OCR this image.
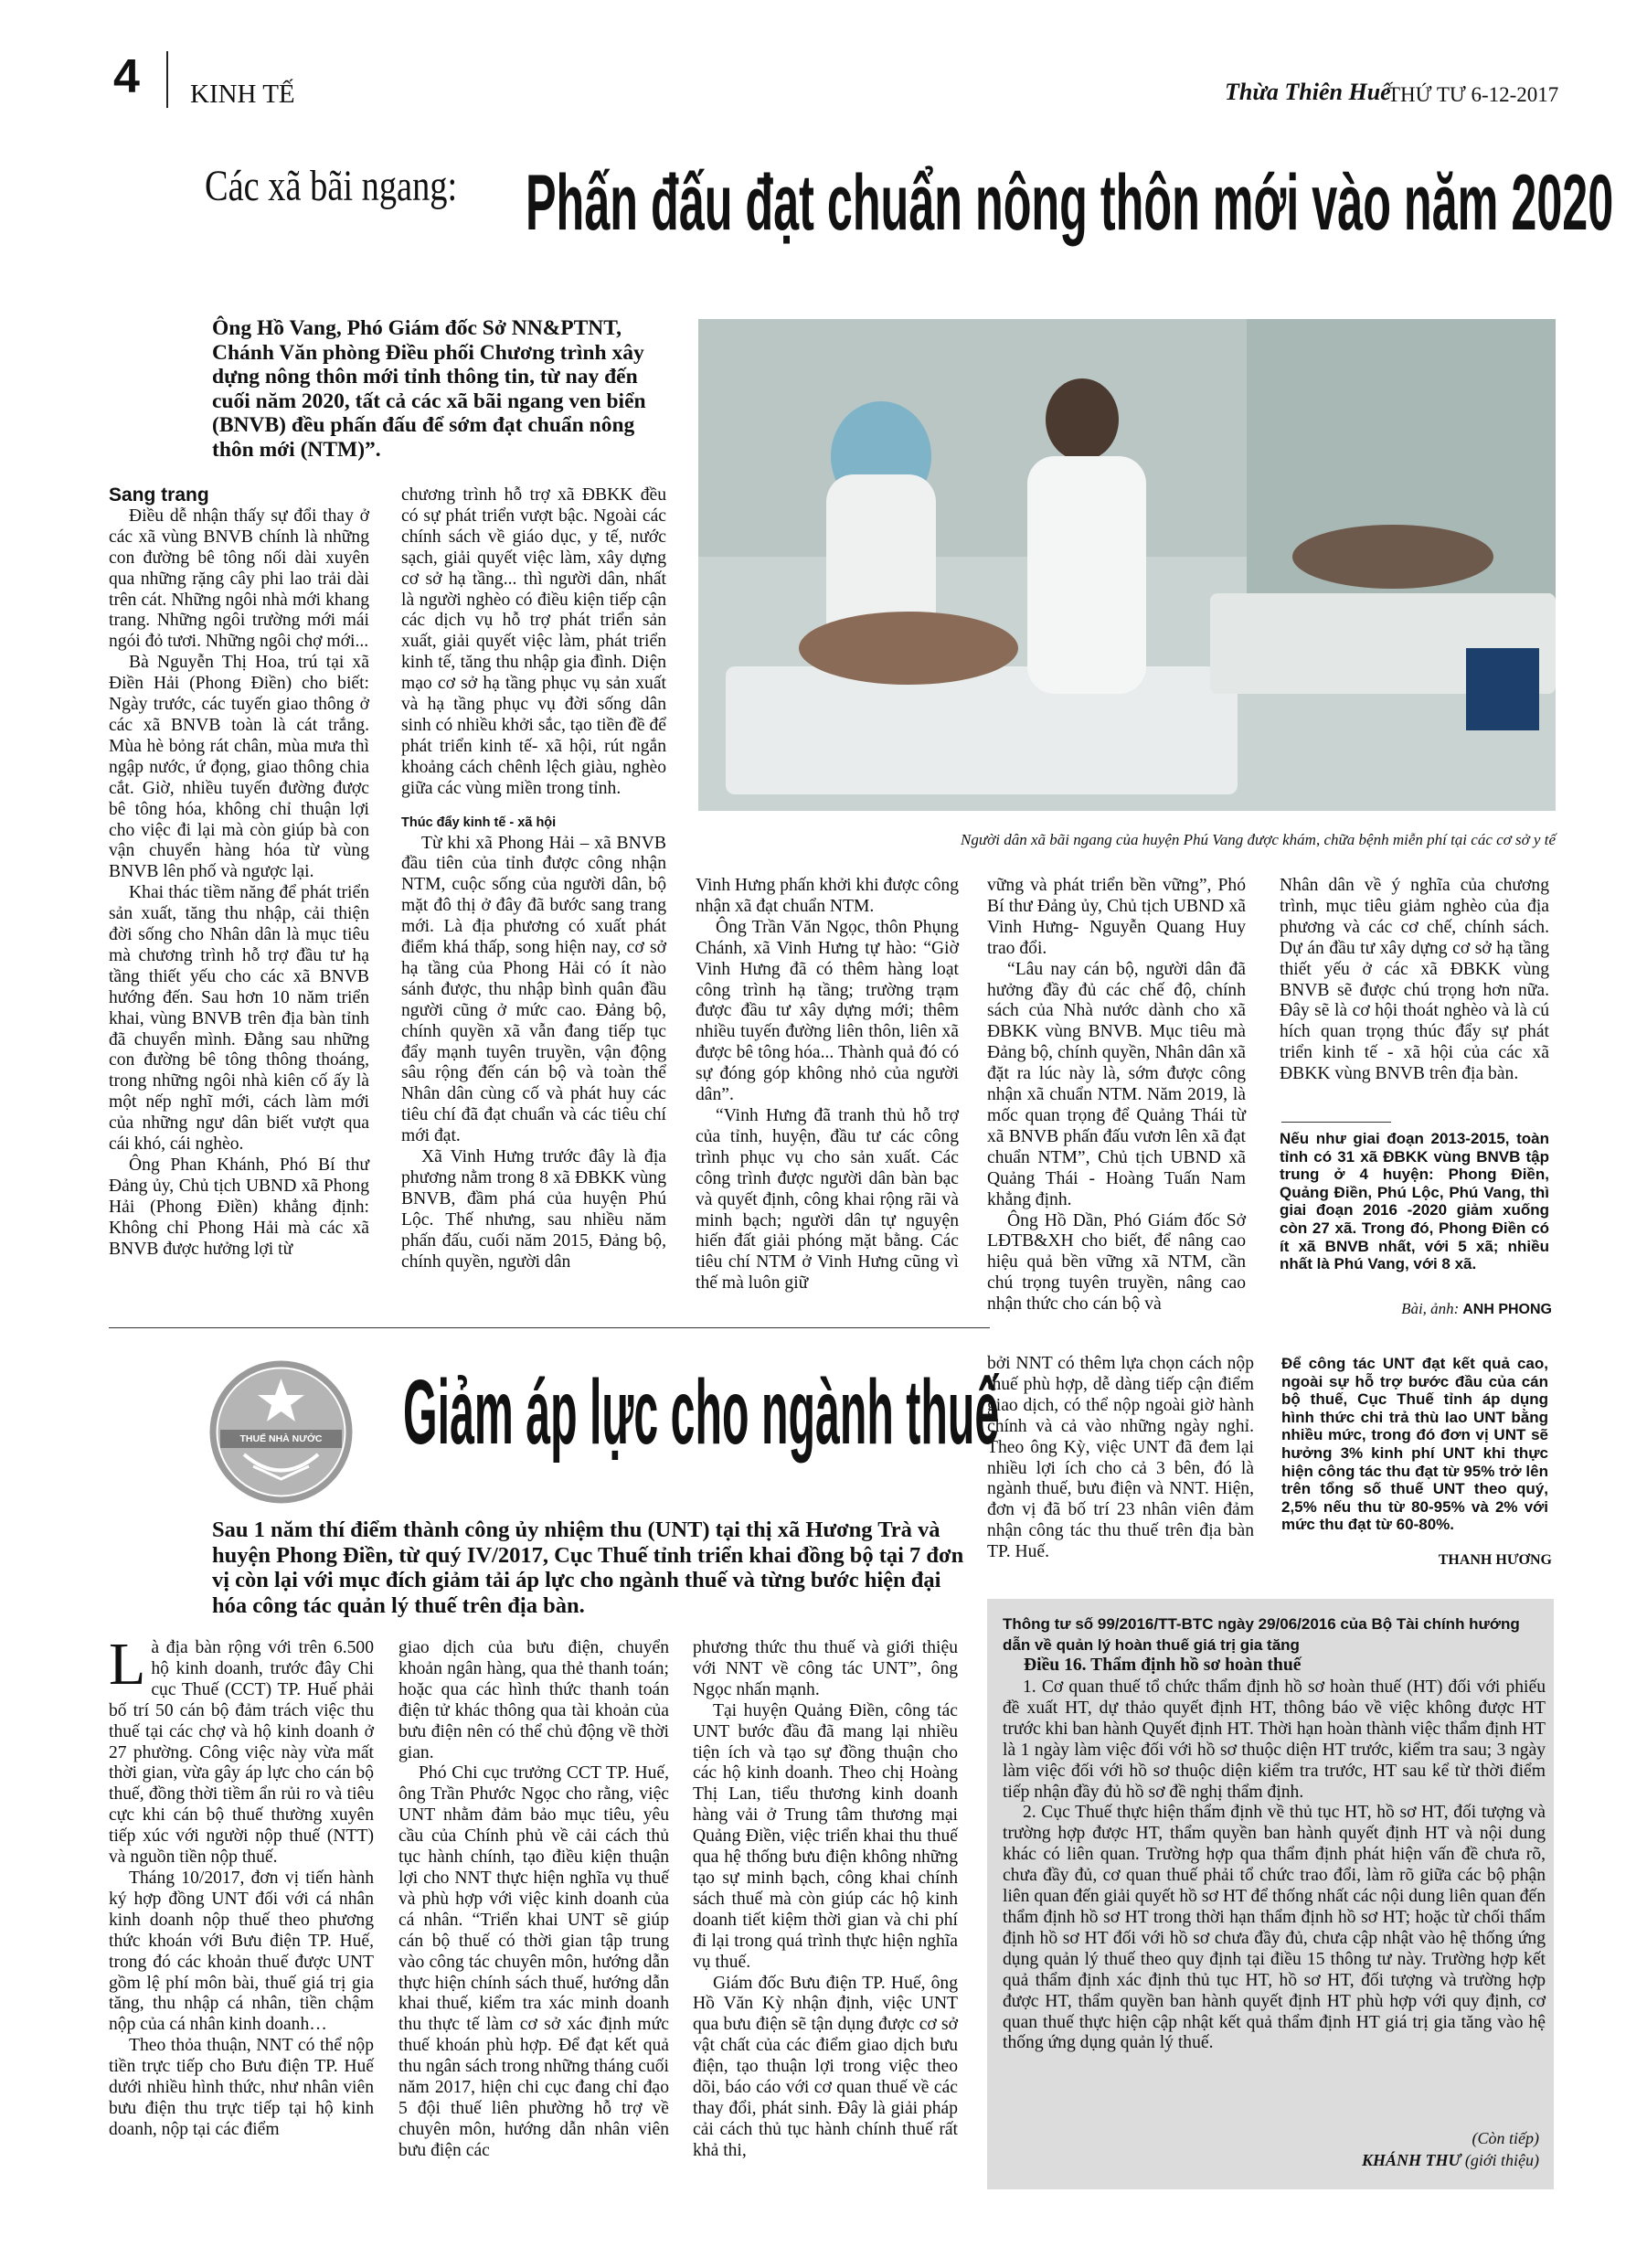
4 KINH TẾ	Thừa Thiên Huế
THỨ TƯ 6-12-2017
Các xã bãi ngang: Phấn đấu đạt chuẩn nông thôn mới vào năm 2020
Ông Hồ Vang, Phó Giám đốc Sở NN&PTNT, Chánh Văn phòng Điều phối Chương trình xây dựng nông thôn mới tỉnh thông tin, từ nay đến cuối năm 2020, tất cả các xã bãi ngang ven biển (BNVB) đều phấn đấu để sớm đạt chuẩn nông thôn mới (NTM)”.
Người dân xã bãi ngang của huyện Phú Vang được khám, chữa bệnh miễn phí tại các cơ sở y tế
Sang trang

Điều dễ nhận thấy sự đổi thay ở các xã vùng BNVB chính là những con đường bê tông nối dài xuyên qua những rặng cây phi lao trải dài trên cát. Những ngôi nhà mới khang trang. Những ngôi trường mới mái ngói đỏ tươi. Những ngôi chợ mới...

Bà Nguyễn Thị Hoa, trú tại xã Điền Hải (Phong Điền) cho biết: Ngày trước, các tuyến giao thông ở các xã BNVB toàn là cát trắng. Mùa hè bỏng rát chân, mùa mưa thì ngập nước, ứ đọng, giao thông chia cắt. Giờ, nhiều tuyến đường được bê tông hóa, không chỉ thuận lợi cho việc đi lại mà còn giúp bà con vận chuyển hàng hóa từ vùng BNVB lên phố và ngược lại.

Khai thác tiềm năng để phát triển sản xuất, tăng thu nhập, cải thiện đời sống cho Nhân dân là mục tiêu mà chương trình hỗ trợ đầu tư hạ tầng thiết yếu cho các xã BNVB hướng đến. Sau hơn 10 năm triển khai, vùng BNVB trên địa bàn tỉnh đã chuyển mình. Đằng sau những con đường bê tông thông thoáng, trong những ngôi nhà kiên cố ấy là một nếp nghĩ mới, cách làm mới của những ngư dân biết vượt qua cái khó, cái nghèo.

Ông Phan Khánh, Phó Bí thư Đảng ủy, Chủ tịch UBND xã Phong Hải (Phong Điền) khẳng định: Không chỉ Phong Hải mà các xã BNVB được hưởng lợi từ

chương trình hỗ trợ xã ĐBKK đều có sự phát triển vượt bậc. Ngoài các chính sách về giáo dục, y tế, nước sạch, giải quyết việc làm, xây dựng cơ sở hạ tầng... thì người dân, nhất là người nghèo có điều kiện tiếp cận các dịch vụ hỗ trợ phát triển sản xuất, giải quyết việc làm, phát triển kinh tế, tăng thu nhập gia đình. Diện mạo cơ sở hạ tầng phục vụ sản xuất và hạ tầng phục vụ đời sống dân sinh có nhiều khởi sắc, tạo tiền đề để phát triển kinh tế- xã hội, rút ngắn khoảng cách chênh lệch giàu, nghèo giữa các vùng miền trong tỉnh.

Thúc đẩy kinh tế - xã hội

Từ khi xã Phong Hải – xã BNVB đầu tiên của tỉnh được công nhận NTM, cuộc sống của người dân, bộ mặt đô thị ở đây đã bước sang trang mới. Là địa phương có xuất phát điểm khá thấp, song hiện nay, cơ sở hạ tầng của Phong Hải có ít nào sánh được, thu nhập bình quân đầu người cũng ở mức cao. Đảng bộ, chính quyền xã vẫn đang tiếp tục đẩy mạnh tuyên truyền, vận động sâu rộng đến cán bộ và toàn thể Nhân dân cùng cố và phát huy các tiêu chí đã đạt chuẩn và các tiêu chí mới đạt.

Xã Vinh Hưng trước đây là địa phương nằm trong 8 xã ĐBKK vùng BNVB, đầm phá của huyện Phú Lộc. Thế nhưng, sau nhiều năm phấn đấu, cuối năm 2015, Đảng bộ, chính quyền, người dân

Vinh Hưng phấn khởi khi được công nhận xã đạt chuẩn NTM.

Ông Trần Văn Ngọc, thôn Phụng Chánh, xã Vinh Hưng tự hào: “Giờ Vinh Hưng đã có thêm hàng loạt công trình hạ tầng; trường trạm được đầu tư xây dựng mới; thêm nhiều tuyến đường liên thôn, liên xã được bê tông hóa... Thành quả đó có sự đóng góp không nhỏ của người dân”.

“Vinh Hưng đã tranh thủ hỗ trợ của tỉnh, huyện, đầu tư các công trình phục vụ cho sản xuất. Các công trình được người dân bàn bạc và quyết định, công khai rộng rãi và minh bạch; người dân tự nguyện hiến đất giải phóng mặt bằng. Các tiêu chí NTM ở Vinh Hưng cũng vì thế mà luôn giữ

vững và phát triển bền vững”, Phó Bí thư Đảng ủy, Chủ tịch UBND xã Vinh Hưng- Nguyễn Quang Huy trao đổi.

“Lâu nay cán bộ, người dân đã hưởng đầy đủ các chế độ, chính sách của Nhà nước dành cho xã ĐBKK vùng BNVB. Mục tiêu mà Đảng bộ, chính quyền, Nhân dân xã đặt ra lúc này là, sớm được công nhận xã chuẩn NTM. Năm 2019, là mốc quan trọng để Quảng Thái từ xã BNVB phấn đấu vươn lên xã đạt chuẩn NTM”, Chủ tịch UBND xã Quảng Thái - Hoàng Tuấn Nam khẳng định.

Ông Hồ Dần, Phó Giám đốc Sở LĐTB&XH cho biết, để nâng cao hiệu quả bền vững xã NTM, cần chú trọng tuyên truyền, nâng cao nhận thức cho cán bộ và

Nhân dân về ý nghĩa của chương trình, mục tiêu giảm nghèo của địa phương và các cơ chế, chính sách. Dự án đầu tư xây dựng cơ sở hạ tầng thiết yếu ở các xã ĐBKK vùng BNVB sẽ được chú trọng hơn nữa. Đây sẽ là cơ hội thoát nghèo và là cú hích quan trọng thúc đẩy sự phát triển kinh tế - xã hội của các xã ĐBKK vùng BNVB trên địa bàn.

Nếu như giai đoạn 2013-2015, toàn tỉnh có 31 xã ĐBKK vùng BNVB tập trung ở 4 huyện: Phong Điền, Quảng Điền, Phú Lộc, Phú Vang, thì giai đoạn 2016 -2020 giảm xuống còn 27 xã. Trong đó, Phong Điền có ít xã BNVB nhất, với 5 xã; nhiều nhất là Phú Vang, với 8 xã.
Bài, ảnh: ANH PHONG
THUẾ NHÀ NƯỚC Giảm áp lực cho ngành thuế
Sau 1 năm thí điểm thành công ủy nhiệm thu (UNT) tại thị xã Hương Trà và huyện Phong Điền, từ quý IV/2017, Cục Thuế tỉnh triển khai đồng bộ tại 7 đơn vị còn lại với mục đích giảm tải áp lực cho ngành thuế và từng bước hiện đại hóa công tác quản lý thuế trên địa bàn.

Là địa bàn rộng với trên 6.500 hộ kinh doanh, trước đây Chi cục Thuế (CCT) TP. Huế phải bố trí 50 cán bộ đảm trách việc thu thuế tại các chợ và hộ kinh doanh ở 27 phường. Công việc này vừa mất thời gian, vừa gây áp lực cho cán bộ thuế, đồng thời tiềm ẩn rủi ro và tiêu cực khi cán bộ thuế thường xuyên tiếp xúc với người nộp thuế (NTT) và nguồn tiền nộp thuế.

Tháng 10/2017, đơn vị tiến hành ký hợp đồng UNT đối với cá nhân kinh doanh nộp thuế theo phương thức khoán với Bưu điện TP. Huế, trong đó các khoản thuế được UNT gồm lệ phí môn bài, thuế giá trị gia tăng, thu nhập cá nhân, tiền chậm nộp của cá nhân kinh doanh…

Theo thỏa thuận, NNT có thể nộp tiền trực tiếp cho Bưu điện TP. Huế dưới nhiều hình thức, như nhân viên bưu điện thu trực tiếp tại hộ kinh doanh, nộp tại các điểm

giao dịch của bưu điện, chuyển khoản ngân hàng, qua thẻ thanh toán; hoặc qua các hình thức thanh toán điện tử khác thông qua tài khoản của bưu điện nên có thể chủ động về thời gian.

Phó Chi cục trưởng CCT TP. Huế, ông Trần Phước Ngọc cho rằng, việc UNT nhằm đảm bảo mục tiêu, yêu cầu của Chính phủ về cải cách thủ tục hành chính, tạo điều kiện thuận lợi cho NNT thực hiện nghĩa vụ thuế và phù hợp với việc kinh doanh của cá nhân. “Triển khai UNT sẽ giúp cán bộ thuế có thời gian tập trung vào công tác chuyên môn, hướng dẫn thực hiện chính sách thuế, hướng dẫn khai thuế, kiểm tra xác minh doanh thu thực tế làm cơ sở xác định mức thuế khoán phù hợp. Để đạt kết quả thu ngân sách trong những tháng cuối năm 2017, hiện chi cục đang chỉ đạo 5 đội thuế liên phường hỗ trợ về chuyên môn, hướng dẫn nhân viên bưu điện các

phương thức thu thuế và giới thiệu với NNT về công tác UNT”, ông Ngọc nhấn mạnh.

Tại huyện Quảng Điền, công tác UNT bước đầu đã mang lại nhiều tiện ích và tạo sự đồng thuận cho các hộ kinh doanh. Theo chị Hoàng Thị Lan, tiểu thương kinh doanh hàng vải ở Trung tâm thương mại Quảng Điền, việc triển khai thu thuế qua hệ thống bưu điện không những tạo sự minh bạch, công khai chính sách thuế mà còn giúp các hộ kinh doanh tiết kiệm thời gian và chi phí đi lại trong quá trình thực hiện nghĩa vụ thuế.

Giám đốc Bưu điện TP. Huế, ông Hồ Văn Kỳ nhận định, việc UNT qua bưu điện sẽ tận dụng được cơ sở vật chất của các điểm giao dịch bưu điện, tạo thuận lợi trong việc theo dõi, báo cáo với cơ quan thuế về các thay đổi, phát sinh. Đây là giải pháp cải cách thủ tục hành chính thuế rất khả thi,

bởi NNT có thêm lựa chọn cách nộp thuế phù hợp, dễ dàng tiếp cận điểm giao dịch, có thể nộp ngoài giờ hành chính và cả vào những ngày nghỉ. Theo ông Kỳ, việc UNT đã đem lại nhiều lợi ích cho cả 3 bên, đó là ngành thuế, bưu điện và NNT. Hiện, đơn vị đã bố trí 23 nhân viên đảm nhận công tác thu thuế trên địa bàn TP. Huế.

Để công tác UNT đạt kết quả cao, ngoài sự hỗ trợ bước đầu của cán bộ thuế, Cục Thuế tỉnh áp dụng hình thức chi trả thù lao UNT bằng nhiều mức, trong đó đơn vị UNT sẽ hưởng 3% kinh phí UNT khi thực hiện công tác thu đạt từ 95% trở lên trên tổng số thuế UNT theo quý, 2,5% nếu thu từ 80-95% và 2% với mức thu đạt từ 60-80%.
THANH HƯƠNG
Thông tư số 99/2016/TT-BTC ngày 29/06/2016 của Bộ Tài chính hướng dẫn về quản lý hoàn thuế giá trị gia tăng
Điều 16. Thẩm định hồ sơ hoàn thuế

1. Cơ quan thuế tổ chức thẩm định hồ sơ hoàn thuế (HT) đối với phiếu đề xuất HT, dự thảo quyết định HT, thông báo về việc không được HT trước khi ban hành Quyết định HT. Thời hạn hoàn thành việc thẩm định HT là 1 ngày làm việc đối với hồ sơ thuộc diện HT trước, kiểm tra sau; 3 ngày làm việc đối với hồ sơ thuộc diện kiểm tra trước, HT sau kể từ thời điểm tiếp nhận đầy đủ hồ sơ đề nghị thẩm định.

2. Cục Thuế thực hiện thẩm định về thủ tục HT, hồ sơ HT, đối tượng và trường hợp được HT, thẩm quyền ban hành quyết định HT và nội dung khác có liên quan. Trường hợp qua thẩm định phát hiện vấn đề chưa rõ, chưa đầy đủ, cơ quan thuế phải tổ chức trao đổi, làm rõ giữa các bộ phận liên quan đến giải quyết hồ sơ HT để thống nhất các nội dung liên quan đến thẩm định hồ sơ HT trong thời hạn thẩm định hồ sơ HT; hoặc từ chối thẩm định hồ sơ HT đối với hồ sơ chưa đầy đủ, chưa cập nhật vào hệ thống ứng dụng quản lý thuế theo quy định tại điều 15 thông tư này. Trường hợp kết quả thẩm định xác định thủ tục HT, hồ sơ HT, đối tượng và trường hợp được HT, thẩm quyền ban hành quyết định HT phù hợp với quy định, cơ quan thuế thực hiện cập nhật kết quả thẩm định HT giá trị gia tăng vào hệ thống ứng dụng quản lý thuế.

(Còn tiếp)
KHÁNH THƯ (giới thiệu)
